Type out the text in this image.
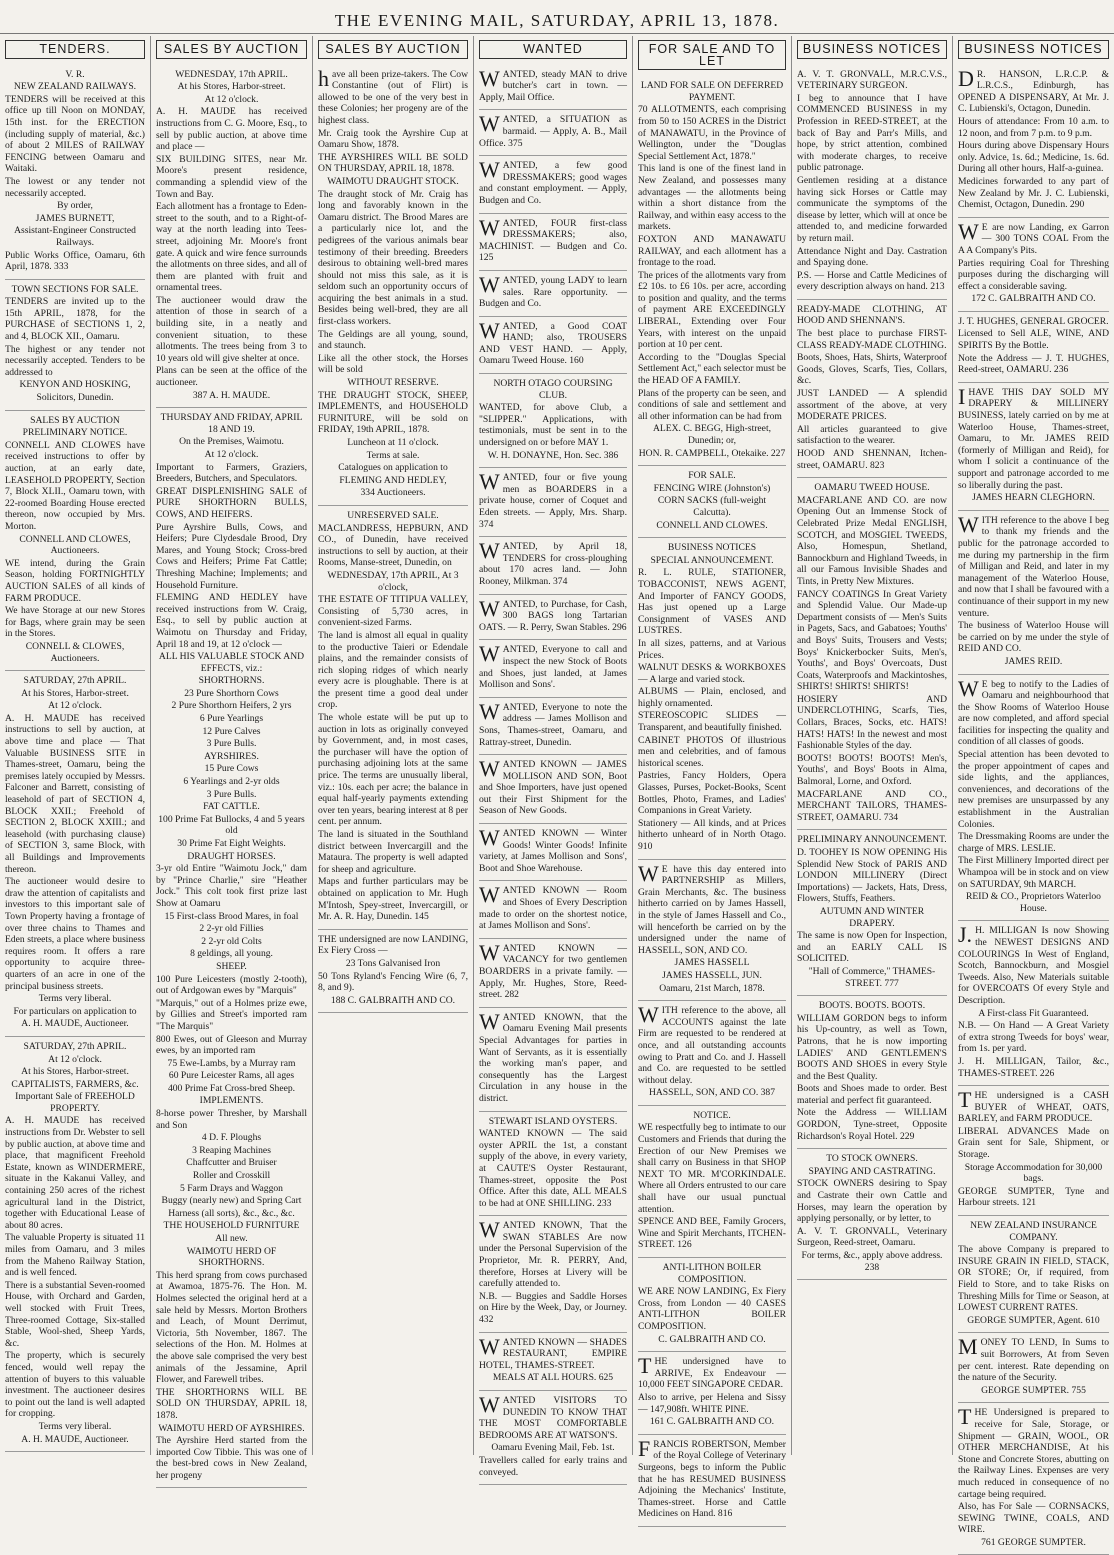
THE EVENING MAIL, SATURDAY, APRIL 13, 1878.
TENDERS.

V. R.

NEW ZEALAND RAILWAYS.

TENDERS will be received at this office up till Noon on MONDAY, 15th inst. for the ERECTION (including supply of material, &c.) of about 2 MILES of RAILWAY FENCING between Oamaru and Waitaki.

The lowest or any tender not necessarily accepted.

By order,

JAMES BURNETT,

Assistant-Engineer Constructed Railways.

Public Works Office, Oamaru, 6th April, 1878. 333

TOWN SECTIONS FOR SALE.

TENDERS are invited up to the 15th APRIL, 1878, for the PURCHASE of SECTIONS 1, 2, and 4, BLOCK XII., Oamaru.

The highest or any tender not necessarily accepted. Tenders to be addressed to

KENYON AND HOSKING,

Solicitors, Dunedin.

SALES BY AUCTION

PRELIMINARY NOTICE.

CONNELL AND CLOWES have received instructions to offer by auction, at an early date, LEASEHOLD PROPERTY, Section 7, Block XLII., Oamaru town, with 22-roomed Boarding House erected thereon, now occupied by Mrs. Morton.

CONNELL AND CLOWES, Auctioneers.

WE intend, during the Grain Season, holding FORTNIGHTLY AUCTION SALES of all kinds of FARM PRODUCE.

We have Storage at our new Stores for Bags, where grain may be seen in the Stores.

CONNELL & CLOWES, Auctioneers.

SATURDAY, 27th APRIL.

At his Stores, Harbor-street.

At 12 o'clock.

A. H. MAUDE has received instructions to sell by auction, at above time and place — That Valuable BUSINESS SITE in Thames-street, Oamaru, being the premises lately occupied by Messrs. Falconer and Barrett, consisting of leasehold of part of SECTION 4, BLOCK XXII.; Freehold of SECTION 2, BLOCK XXIII.; and leasehold (with purchasing clause) of SECTION 3, same Block, with all Buildings and Improvements thereon.

The auctioneer would desire to draw the attention of capitalists and investors to this important sale of Town Property having a frontage of over three chains to Thames and Eden streets, a place where business requires room. It offers a rare opportunity to acquire three-quarters of an acre in one of the principal business streets.

Terms very liberal.

For particulars on application to

A. H. MAUDE, Auctioneer.

SATURDAY, 27th APRIL.

At 12 o'clock.

At his Stores, Harbor-street.

CAPITALISTS, FARMERS, &c.

Important Sale of FREEHOLD PROPERTY.

A. H. MAUDE has received instructions from Dr. Webster to sell by public auction, at above time and place, that magnificent Freehold Estate, known as WINDERMERE, situate in the Kakanui Valley, and containing 250 acres of the richest agricultural land in the District, together with Educational Lease of about 80 acres.

The valuable Property is situated 11 miles from Oamaru, and 3 miles from the Maheno Railway Station, and is well fenced.

There is a substantial Seven-roomed House, with Orchard and Garden, well stocked with Fruit Trees, Three-roomed Cottage, Six-stalled Stable, Wool-shed, Sheep Yards, &c.

The property, which is securely fenced, would well repay the attention of buyers to this valuable investment. The auctioneer desires to point out the land is well adapted for cropping.

Terms very liberal.

A. H. MAUDE, Auctioneer.

SALES BY AUCTION

WEDNESDAY, 17th APRIL.

At his Stores, Harbor-street.

At 12 o'clock.

A. H. MAUDE has received instructions from C. G. Moore, Esq., to sell by public auction, at above time and place —

SIX BUILDING SITES, near Mr. Moore's present residence, commanding a splendid view of the Town and Bay.

Each allotment has a frontage to Eden-street to the south, and to a Right-of-way at the north leading into Tees-street, adjoining Mr. Moore's front gate. A quick and wire fence surrounds the allotments on three sides, and all of them are planted with fruit and ornamental trees.

The auctioneer would draw the attention of those in search of a building site, in a neatly and convenient situation, to these allotments. The trees being from 3 to 10 years old will give shelter at once.

Plans can be seen at the office of the auctioneer.

387 A. H. MAUDE.

THURSDAY AND FRIDAY, APRIL 18 AND 19.

On the Premises, Waimotu.

At 12 o'clock.

Important to Farmers, Graziers, Breeders, Butchers, and Speculators.

GREAT DISPLENISHING SALE of PURE SHORTHORN BULLS, COWS, AND HEIFERS.

Pure Ayrshire Bulls, Cows, and Heifers; Pure Clydesdale Brood, Dry Mares, and Young Stock; Cross-bred Cows and Heifers; Prime Fat Cattle; Threshing Machine; Implements; and Household Furniture.

FLEMING AND HEDLEY have received instructions from W. Craig, Esq., to sell by public auction at Waimotu on Thursday and Friday, April 18 and 19, at 12 o'clock —

ALL HIS VALUABLE STOCK AND EFFECTS, viz.:

SHORTHORNS.

23 Pure Shorthorn Cows

2 Pure Shorthorn Heifers, 2 yrs

6 Pure Yearlings

12 Pure Calves

3 Pure Bulls.

AYRSHIRES.

15 Pure Cows

6 Yearlings and 2-yr olds

3 Pure Bulls.

FAT CATTLE.

100 Prime Fat Bullocks, 4 and 5 years old

30 Prime Fat Eight Weights.

DRAUGHT HORSES.

3-yr old Entire "Waimotu Jock," dam by "Prince Charlie," sire "Heather Jock." This colt took first prize last Show at Oamaru

15 First-class Brood Mares, in foal

2 2-yr old Fillies

2 2-yr old Colts

8 geldings, all young.

SHEEP.

100 Pure Leicesters (mostly 2-tooth), out of Ardgowan ewes by "Marquis"

"Marquis," out of a Holmes prize ewe, by Gillies and Street's imported ram "The Marquis"

800 Ewes, out of Gleeson and Murray ewes, by an imported ram

75 Ewe-Lambs, by a Murray ram

60 Pure Leicester Rams, all ages

400 Prime Fat Cross-bred Sheep.

IMPLEMENTS.

8-horse power Thresher, by Marshall and Son

4 D. F. Ploughs

3 Reaping Machines

Chaffcutter and Bruiser

Roller and Crosskill

5 Farm Drays and Waggon

Buggy (nearly new) and Spring Cart

Harness (all sorts), &c., &c., &c.

THE HOUSEHOLD FURNITURE

All new.

WAIMOTU HERD OF SHORTHORNS.

This herd sprang from cows purchased at Awamoa, 1875-76. The Hon. M. Holmes selected the original herd at a sale held by Messrs. Morton Brothers and Leach, of Mount Derrimut, Victoria, 5th November, 1867. The selections of the Hon. M. Holmes at the above sale comprised the very best animals of the Jessamine, April Flower, and Farewell tribes.

THE SHORTHORNS WILL BE SOLD ON THURSDAY, APRIL 18, 1878.

WAIMOTU HERD OF AYRSHIRES.

The Ayrshire Herd started from the imported Cow Tibbie. This was one of the best-bred cows in New Zealand, her progeny

SALES BY AUCTION

have all been prize-takers. The Cow Constantine (out of Flirt) is allowed to be one of the very best in these Colonies; her progeny are of the highest class.

Mr. Craig took the Ayrshire Cup at Oamaru Show, 1878.

THE AYRSHIRES WILL BE SOLD ON THURSDAY, APRIL 18, 1878.

WAIMOTU DRAUGHT STOCK.

The draught stock of Mr. Craig has long and favorably known in the Oamaru district. The Brood Mares are a particularly nice lot, and the pedigrees of the various animals bear testimony of their breeding. Breeders desirous to obtaining well-bred mares should not miss this sale, as it is seldom such an opportunity occurs of acquiring the best animals in a stud. Besides being well-bred, they are all first-class workers.

The Geldings are all young, sound, and staunch.

Like all the other stock, the Horses will be sold

WITHOUT RESERVE.

THE DRAUGHT STOCK, SHEEP, IMPLEMENTS, and HOUSEHOLD FURNITURE, will be sold on FRIDAY, 19th APRIL, 1878.

Luncheon at 11 o'clock.

Terms at sale.

Catalogues on application to

FLEMING AND HEDLEY,

334 Auctioneers.

UNRESERVED SALE.

MACLANDRESS, HEPBURN, AND CO., of Dunedin, have received instructions to sell by auction, at their Rooms, Manse-street, Dunedin, on

WEDNESDAY, 17th APRIL, At 3 o'clock,

THE ESTATE OF TITIPUA VALLEY, Consisting of 5,730 acres, in convenient-sized Farms.

The land is almost all equal in quality to the productive Taieri or Edendale plains, and the remainder consists of rich sloping ridges of which nearly every acre is ploughable. There is at the present time a good deal under crop.

The whole estate will be put up to auction in lots as originally conveyed by Government, and, in most cases, the purchaser will have the option of purchasing adjoining lots at the same price. The terms are unusually liberal, viz.: 10s. each per acre; the balance in equal half-yearly payments extending over ten years, bearing interest at 8 per cent. per annum.

The land is situated in the Southland district between Invercargill and the Mataura. The property is well adapted for sheep and agriculture.

Maps and further particulars may be obtained on application to Mr. Hugh M'Intosh, Spey-street, Invercargill, or Mr. A. R. Hay, Dunedin. 145

THE undersigned are now LANDING, Ex Fiery Cross —

23 Tons Galvanised Iron

50 Tons Ryland's Fencing Wire (6, 7, 8, and 9).

188 C. GALBRAITH AND CO.

WANTED

WANTED, steady MAN to drive butcher's cart in town. — Apply, Mail Office.

WANTED, a SITUATION as barmaid. — Apply, A. B., Mail Office. 375

WANTED, a few good DRESSMAKERS; good wages and constant employment. — Apply, Budgen and Co.

WANTED, FOUR first-class DRESSMAKERS; also, MACHINIST. — Budgen and Co. 125

WANTED, young LADY to learn sales. Rare opportunity. — Budgen and Co.

WANTED, a Good COAT HAND; also, TROUSERS AND VEST HAND. — Apply, Oamaru Tweed House. 160

NORTH OTAGO COURSING CLUB.

WANTED, for above Club, a "SLIPPER." Applications, with testimonials, must be sent in to the undersigned on or before MAY 1.

W. H. DONAYNE, Hon. Sec. 386

WANTED, four or five young men as BOARDERS in a private house, corner of Coquet and Eden streets. — Apply, Mrs. Sharp. 374

WANTED, by April 18, TENDERS for cross-ploughing about 170 acres land. — John Rooney, Milkman. 374

WANTED, to Purchase, for Cash, 300 BAGS long Tartarian OATS. — R. Perry, Swan Stables. 296

WANTED, Everyone to call and inspect the new Stock of Boots and Shoes, just landed, at James Mollison and Sons'.

WANTED, Everyone to note the address — James Mollison and Sons, Thames-street, Oamaru, and Rattray-street, Dunedin.

WANTED KNOWN — JAMES MOLLISON AND SON, Boot and Shoe Importers, have just opened out their First Shipment for the Season of New Goods.

WANTED KNOWN — Winter Goods! Winter Goods! Infinite variety, at James Mollison and Sons', Boot and Shoe Warehouse.

WANTED KNOWN — Room and Shoes of Every Description made to order on the shortest notice, at James Mollison and Sons'.

WANTED KNOWN — VACANCY for two gentlemen BOARDERS in a private family. — Apply, Mr. Hughes, Store, Reed-street. 282

WANTED KNOWN, that the Oamaru Evening Mail presents Special Advantages for parties in Want of Servants, as it is essentially the working man's paper, and consequently has the Largest Circulation in any house in the district.

STEWART ISLAND OYSTERS.

WANTED KNOWN — The said oyster APRIL the 1st, a constant supply of the above, in every variety, at CAUTE'S Oyster Restaurant, Thames-street, opposite the Post Office. After this date, ALL MEALS to be had at ONE SHILLING. 233

WANTED KNOWN, That the SWAN STABLES Are now under the Personal Supervision of the Proprietor, Mr. R. PERRY, And, therefore, Horses at Livery will be carefully attended to.

N.B. — Buggies and Saddle Horses on Hire by the Week, Day, or Journey. 432

WANTED KNOWN — SHADES RESTAURANT, EMPIRE HOTEL, THAMES-STREET.

MEALS AT ALL HOURS. 625

WANTED VISITORS TO DUNEDIN TO KNOW THAT THE MOST COMFORTABLE BEDROOMS ARE AT WATSON'S.

Oamaru Evening Mail, Feb. 1st.

Travellers called for early trains and conveyed.

FOR SALE AND TO LET

LAND FOR SALE ON DEFERRED PAYMENT.

70 ALLOTMENTS, each comprising from 50 to 150 ACRES in the District of MANAWATU, in the Province of Wellington, under the "Douglas Special Settlement Act, 1878."

This land is one of the finest land in New Zealand, and possesses many advantages — the allotments being within a short distance from the Railway, and within easy access to the markets.

FOXTON AND MANAWATU RAILWAY, and each allotment has a frontage to the road.

The prices of the allotments vary from £2 10s. to £6 10s. per acre, according to position and quality, and the terms of payment ARE EXCEEDINGLY LIBERAL, Extending over Four Years, with interest on the unpaid portion at 10 per cent.

According to the "Douglas Special Settlement Act," each selector must be the HEAD OF A FAMILY.

Plans of the property can be seen, and conditions of sale and settlement and all other information can be had from

ALEX. C. BEGG, High-street, Dunedin; or,

HON. R. CAMPBELL, Otekaike. 227

FOR SALE.

FENCING WIRE (Johnston's)

CORN SACKS (full-weight Calcutta).

CONNELL AND CLOWES.

BUSINESS NOTICES

SPECIAL ANNOUNCEMENT.

R. L. RULE, STATIONER, TOBACCONIST, NEWS AGENT, And Importer of FANCY GOODS, Has just opened up a Large Consignment of VASES AND LUSTRES.

In all sizes, patterns, and at Various Prices.

WALNUT DESKS & WORKBOXES — A large and varied stock.

ALBUMS — Plain, enclosed, and highly ornamented.

STEREOSCOPIC SLIDES — Transparent, and beautifully finished.

CABINET PHOTOS Of illustrious men and celebrities, and of famous historical scenes.

Pastries, Fancy Holders, Opera Glasses, Purses, Pocket-Books, Scent Bottles, Photo, Frames, and Ladies' Companions in Great Variety.

Stationery — All kinds, and at Prices hitherto unheard of in North Otago. 910

WE have this day entered into PARTNERSHIP as Millers, Grain Merchants, &c. The business hitherto carried on by James Hassell, in the style of James Hassell and Co., will henceforth be carried on by the undersigned under the name of HASSELL, SON, AND CO.

JAMES HASSELL

JAMES HASSELL, JUN.

Oamaru, 21st March, 1878.

WITH reference to the above, all ACCOUNTS against the late Firm are requested to be rendered at once, and all outstanding accounts owing to Pratt and Co. and J. Hassell and Co. are requested to be settled without delay.

HASSELL, SON, AND CO. 387

NOTICE.

WE respectfully beg to intimate to our Customers and Friends that during the Erection of our New Premises we shall carry on Business in that SHOP NEXT TO MR. M'CORKINDALE. Where all Orders entrusted to our care shall have our usual punctual attention.

SPENCE AND BEE, Family Grocers, Wine and Spirit Merchants, ITCHEN-STREET. 126

ANTI-LITHON BOILER COMPOSITION.

WE ARE NOW LANDING, Ex Fiery Cross, from London — 40 CASES ANTI-LITHON BOILER COMPOSITION.

C. GALBRAITH AND CO.

THE undersigned have to ARRIVE, Ex Endeavour — 10,000 FEET SINGAPORE CEDAR.

Also to arrive, per Helena and Sissy — 147,908ft. WHITE PINE.

161 C. GALBRAITH AND CO.

FRANCIS ROBERTSON, Member of the Royal College of Veterinary Surgeons, begs to inform the Public that he has RESUMED BUSINESS Adjoining the Mechanics' Institute, Thames-street. Horse and Cattle Medicines on Hand. 816

BUSINESS NOTICES

A. V. T. GRONVALL, M.R.C.V.S., VETERINARY SURGEON.

I beg to announce that I have COMMENCED BUSINESS in my Profession in REED-STREET, at the back of Bay and Parr's Mills, and hope, by strict attention, combined with moderate charges, to receive public patronage.

Gentlemen residing at a distance having sick Horses or Cattle may communicate the symptoms of the disease by letter, which will at once be attended to, and medicine forwarded by return mail.

Attendance Night and Day. Castration and Spaying done.

P.S. — Horse and Cattle Medicines of every description always on hand. 213

READY-MADE CLOTHING, AT HOOD AND SHENNAN'S.

The best place to purchase FIRST-CLASS READY-MADE CLOTHING.

Boots, Shoes, Hats, Shirts, Waterproof Goods, Gloves, Scarfs, Ties, Collars, &c.

JUST LANDED — A splendid assortment of the above, at very MODERATE PRICES.

All articles guaranteed to give satisfaction to the wearer.

HOOD AND SHENNAN, Itchen-street, OAMARU. 823

OAMARU TWEED HOUSE.

MACFARLANE AND CO. are now Opening Out an Immense Stock of Celebrated Prize Medal ENGLISH, SCOTCH, and MOSGIEL TWEEDS, Also, Homespun, Shetland, Bannockburn and Highland Tweeds, in all our Famous Invisible Shades and Tints, in Pretty New Mixtures.

FANCY COATINGS In Great Variety and Splendid Value. Our Made-up Department consists of — Men's Suits in Pagets, Sacs, and Gabatoes; Youths' and Boys' Suits, Trousers and Vests; Boys' Knickerbocker Suits, Men's, Youths', and Boys' Overcoats, Dust Coats, Waterproofs and Mackintoshes, SHIRTS! SHIRTS! SHIRTS!

HOSIERY AND UNDERCLOTHING, Scarfs, Ties, Collars, Braces, Socks, etc. HATS! HATS! HATS! In the newest and most Fashionable Styles of the day.

BOOTS! BOOTS! BOOTS! Men's, Youths', and Boys' Boots in Alma, Balmoral, Lorne, and Oxford.

MACFARLANE AND CO., MERCHANT TAILORS, THAMES-STREET, OAMARU. 734

PRELIMINARY ANNOUNCEMENT.

D. TOOHEY IS NOW OPENING His Splendid New Stock of PARIS AND LONDON MILLINERY (Direct Importations) — Jackets, Hats, Dress, Flowers, Stuffs, Feathers.

AUTUMN AND WINTER DRAPERY.

The same is now Open for Inspection, and an EARLY CALL IS SOLICITED.

"Hall of Commerce," THAMES-STREET. 777

BOOTS. BOOTS. BOOTS.

WILLIAM GORDON begs to inform his Up-country, as well as Town, Patrons, that he is now importing LADIES' AND GENTLEMEN'S BOOTS AND SHOES in every Style and the Best Quality.

Boots and Shoes made to order. Best material and perfect fit guaranteed.

Note the Address — WILLIAM GORDON, Tyne-street, Opposite Richardson's Royal Hotel. 229

TO STOCK OWNERS.

SPAYING AND CASTRATING.

STOCK OWNERS desiring to Spay and Castrate their own Cattle and Horses, may learn the operation by applying personally, or by letter, to

A. V. T. GRONVALL, Veterinary Surgeon, Reed-street, Oamaru.

For terms, &c., apply above address. 238

BUSINESS NOTICES

DR. HANSON, L.R.C.P. & L.R.C.S., Edinburgh, has OPENED A DISPENSARY, At Mr. J. C. Lubienski's, Octagon, Dunedin.

Hours of attendance: From 10 a.m. to 12 noon, and from 7 p.m. to 9 p.m.

Hours during above Dispensary Hours only. Advice, 1s. 6d.; Medicine, 1s. 6d. During all other hours, Half-a-guinea.

Medicines forwarded to any part of New Zealand by Mr. J. C. Lubienski, Chemist, Octagon, Dunedin. 290

WE are now Landing, ex Garron — 300 TONS COAL From the A A Company's Pits.

Parties requiring Coal for Threshing purposes during the discharging will effect a considerable saving.

172 C. GALBRAITH AND CO.

J. T. HUGHES, GENERAL GROCER.

Licensed to Sell ALE, WINE, AND SPIRITS By the Bottle.

Note the Address — J. T. HUGHES, Reed-street, OAMARU. 236

IHAVE THIS DAY SOLD MY DRAPERY & MILLINERY BUSINESS, lately carried on by me at Waterloo House, Thames-street, Oamaru, to Mr. JAMES REID (formerly of Milligan and Reid), for whom I solicit a continuance of the support and patronage accorded to me so liberally during the past.

JAMES HEARN CLEGHORN.

WITH reference to the above I beg to thank my friends and the public for the patronage accorded to me during my partnership in the firm of Milligan and Reid, and later in my management of the Waterloo House, and now that I shall be favoured with a continuance of their support in my new venture.

The business of Waterloo House will be carried on by me under the style of REID AND CO.

JAMES REID.

WE beg to notify to the Ladies of Oamaru and neighbourhood that the Show Rooms of Waterloo House are now completed, and afford special facilities for inspecting the quality and condition of all classes of goods.

Special attention has been devoted to the proper appointment of capes and side lights, and the appliances, conveniences, and decorations of the new premises are unsurpassed by any establishment in the Australian Colonies.

The Dressmaking Rooms are under the charge of MRS. LESLIE.

The First Millinery Imported direct per Whampoa will be in stock and on view on SATURDAY, 9th MARCH.

REID & CO., Proprietors Waterloo House.

J.H. MILLIGAN Is now Showing the NEWEST DESIGNS AND COLOURINGS In West of England, Scotch, Bannockburn, and Mosgiel Tweeds. Also, New Materials suitable for OVERCOATS Of every Style and Description.

A First-class Fit Guaranteed.

N.B. — On Hand — A Great Variety of extra strong Tweeds for boys' wear, from 1s. per yard.

J. H. MILLIGAN, Tailor, &c., THAMES-STREET. 226

THE undersigned is a CASH BUYER of WHEAT, OATS, BARLEY, and FARM PRODUCE.

LIBERAL ADVANCES Made on Grain sent for Sale, Shipment, or Storage.

Storage Accommodation for 30,000 bags.

GEORGE SUMPTER, Tyne and Harbour streets. 121

NEW ZEALAND INSURANCE COMPANY.

The above Company is prepared to INSURE GRAIN IN FIELD, STACK, OR STORE; Or, if required, from Field to Store, and to take Risks on Threshing Mills for Time or Season, at LOWEST CURRENT RATES.

GEORGE SUMPTER, Agent. 610

MONEY TO LEND, In Sums to suit Borrowers, At from Seven per cent. interest. Rate depending on the nature of the Security.

GEORGE SUMPTER. 755

THE Undersigned is prepared to receive for Sale, Storage, or Shipment — GRAIN, WOOL, OR OTHER MERCHANDISE, At his Stone and Concrete Stores, abutting on the Railway Lines. Expenses are very much reduced in consequence of no cartage being required.

Also, has For Sale — CORNSACKS, SEWING TWINE, COALS, AND WIRE.

761 GEORGE SUMPTER.
